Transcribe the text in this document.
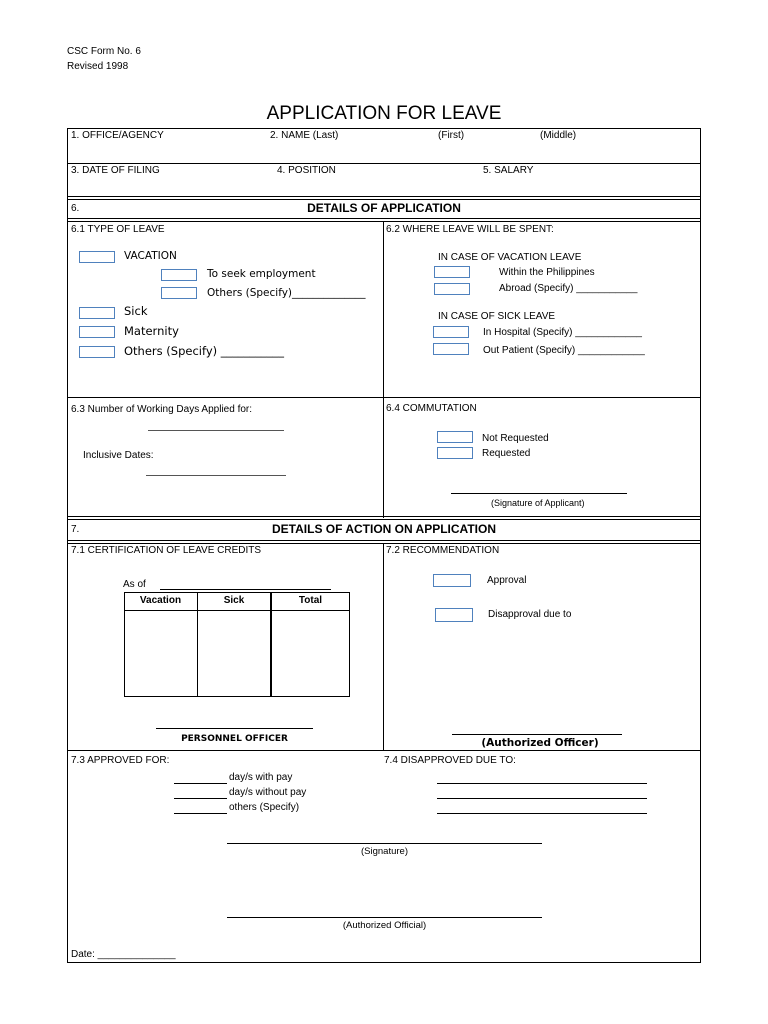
CSC Form No. 6
Revised 1998
APPLICATION FOR LEAVE
1. OFFICE/AGENCY	2. NAME (Last)	(First)	(Middle)
3. DATE OF FILING	4. POSITION	5. SALARY
6.	DETAILS OF APPLICATION
6.1 TYPE OF LEAVE
VACATION
To seek employment
Others (Specify)______________
Sick
Maternity
Others (Specify) ___________
6.2 WHERE LEAVE WILL BE SPENT:
IN CASE OF VACATION LEAVE
Within the Philippines
Abroad (Specify) ___________
IN CASE OF SICK LEAVE
In Hospital (Specify) ____________
Out Patient (Specify) ____________
6.3 Number of Working Days Applied for:
Inclusive Dates:
6.4 COMMUTATION
Not Requested
Requested
(Signature of Applicant)
7.	DETAILS OF ACTION ON APPLICATION
7.1 CERTIFICATION OF LEAVE CREDITS
As of
Vacation	Sick	Total
PERSONNEL OFFICER
7.2 RECOMMENDATION
Approval
Disapproval due to
(Authorized Officer)
7.3 APPROVED FOR:
day/s with pay
day/s without pay
others (Specify)
7.4 DISAPPROVED DUE TO:
(Signature)
(Authorized Official)
Date: ______________
